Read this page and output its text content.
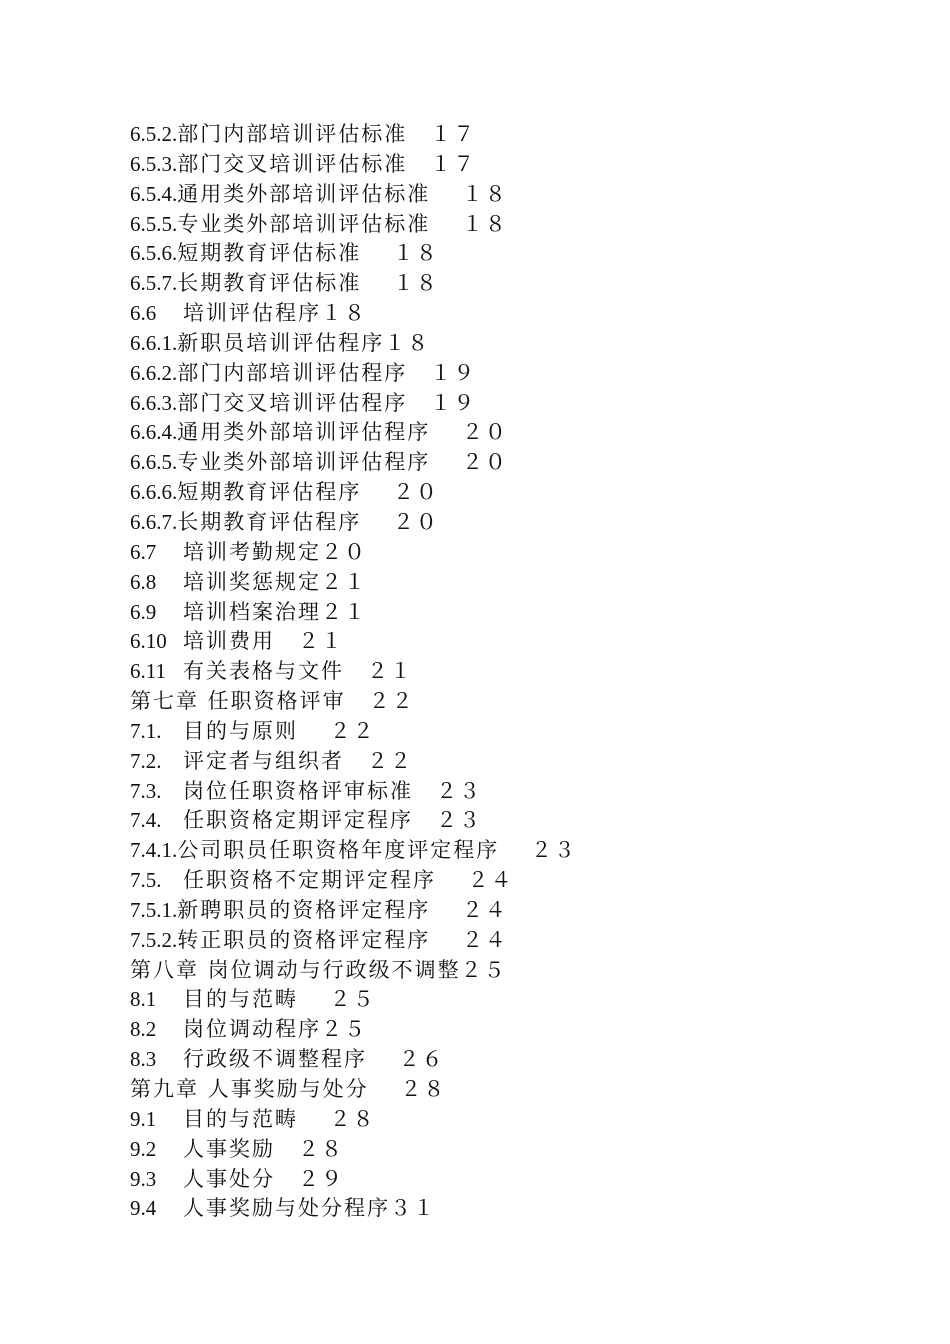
6.5.2. 部门内部培训评估标准　１７
6.5.3. 部门交叉培训评估标准　１７
6.5.4. 通用类外部培训评估标准　 １８
6.5.5. 专业类外部培训评估标准　 １８
6.5.6. 短期教育评估标准　 １８
6.5.7. 长期教育评估标准　 １８
6.6	培训评估程序１８
6.6.1. 新职员培训评估程序１８
6.6.2. 部门内部培训评估程序　１９
6.6.3. 部门交叉培训评估程序　１９
6.6.4. 通用类外部培训评估程序　 ２０
6.6.5. 专业类外部培训评估程序　 ２０
6.6.6. 短期教育评估程序　 ２０
6.6.7. 长期教育评估程序　 ２０
6.7	培训考勤规定２０
6.8	培训奖惩规定２１
6.9	培训档案治理２１
6.10 培训费用　２１
6.11 有关表格与文件　２１
第七章 任职资格评审　２２
7.1.	目的与原则　 ２２
7.2.	评定者与组织者　２２
7.3.	岗位任职资格评审标准　２３
7.4.	任职资格定期评定程序　２３
7.4.1. 公司职员任职资格年度评定程序　 ２３
7.5.	任职资格不定期评定程序　 ２４
7.5.1. 新聘职员的资格评定程序　 ２４
7.5.2. 转正职员的资格评定程序　 ２４
第八章 岗位调动与行政级不调整２５
8.1	目的与范畴　 ２５
8.2	岗位调动程序２５
8.3	行政级不调整程序　 ２６
第九章 人事奖励与处分　 ２８
9.1	目的与范畴　 ２８
9.2	人事奖励　２８
9.3	人事处分　２９
9.4	人事奖励与处分程序３１
